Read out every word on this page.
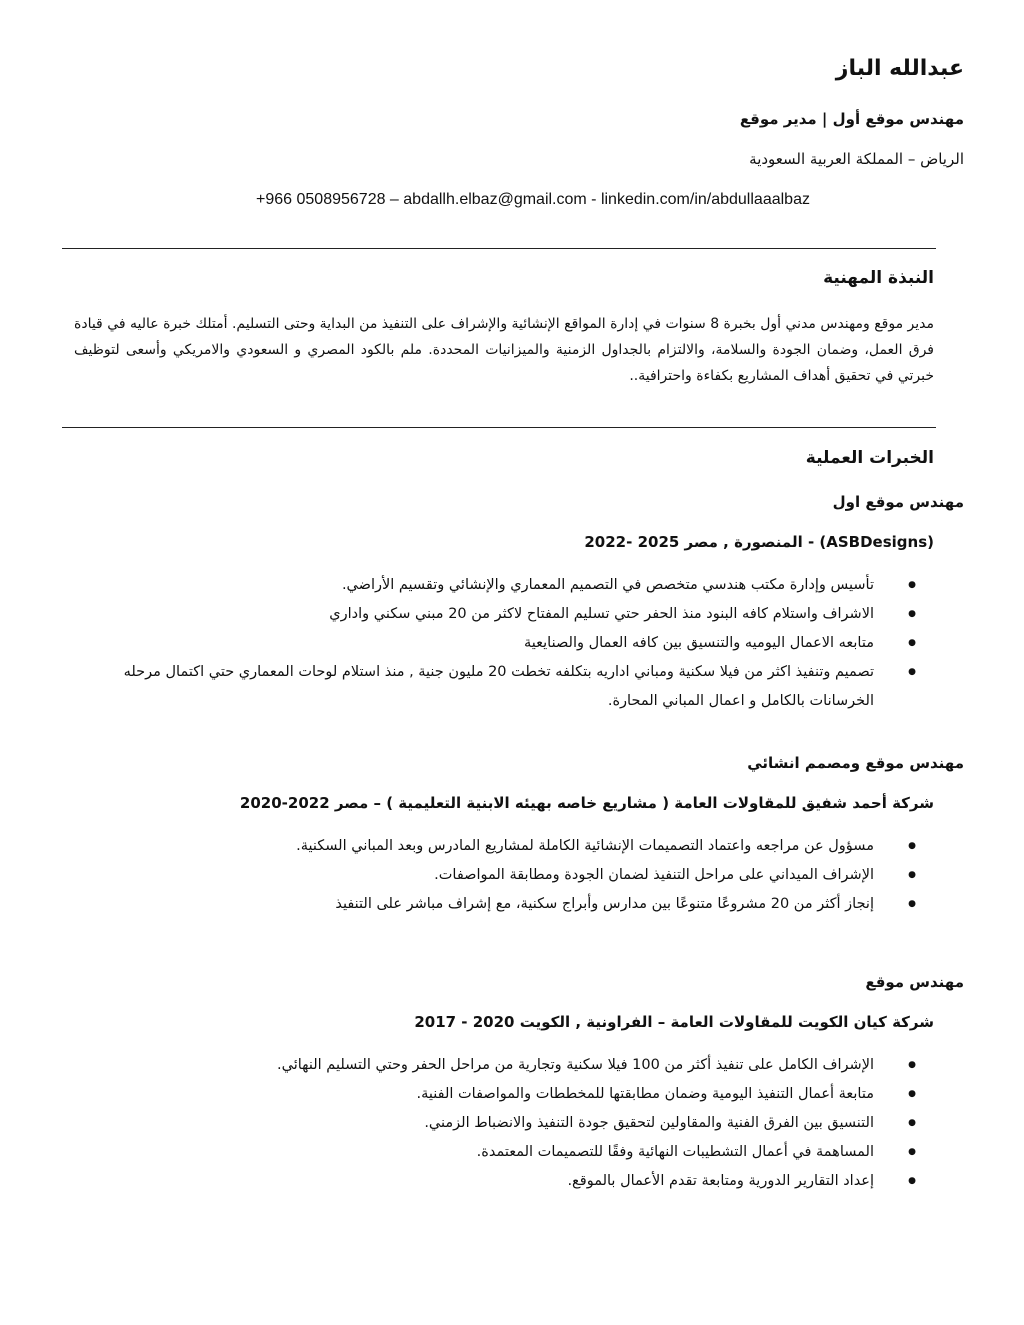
عبدالله الباز
مهندس موقع أول | مدير موقع
الرياض – المملكة العربية السعودية
+966 0508956728 – abdallh.elbaz@gmail.com - linkedin.com/in/abdullaaalbaz
النبذة المهنية
مدير موقع ومهندس مدني أول بخبرة 8 سنوات في إدارة المواقع الإنشائية والإشراف على التنفيذ من البداية وحتى التسليم. أمتلك خبرة عاليه في قيادة فرق العمل، وضمان الجودة والسلامة، والالتزام بالجداول الزمنية والميزانيات المحددة. ملم بالكود المصري و السعودي والامريكي وأسعى لتوظيف خبرتي في تحقيق أهداف المشاريع بكفاءة واحترافية..
الخبرات العملية
مهندس موقع اول
(ASBDesigns) - المنصورة , مصر 2025 -2022
● تأسيس وإدارة مكتب هندسي متخصص في التصميم المعماري والإنشائي وتقسيم الأراضي.
● الاشراف واستلام كافه البنود منذ الحفر حتي تسليم المفتاح لاكثر من 20 مبني سكني واداري
● متابعه الاعمال اليوميه والتنسيق بين كافه العمال والصنايعية
● تصميم وتنفيذ اكثر من فيلا سكنية ومباني اداريه بتكلفه تخطت 20 مليون جنية , منذ استلام لوحات المعماري حتي اكتمال مرحله الخرسانات بالكامل و اعمال المباني المحارة.
مهندس موقع ومصمم انشائي
شركة أحمد شفيق للمقاولات العامة ( مشاريع خاصه بهيئه الابنية التعليمية ) – مصر 2022-2020
● مسؤول عن مراجعه واعتماد التصميمات الإنشائية الكاملة لمشاريع المادرس وبعد المباني السكنية.
● الإشراف الميداني على مراحل التنفيذ لضمان الجودة ومطابقة المواصفات.
● إنجاز أكثر من 20 مشروعًا متنوعًا بين مدارس وأبراج سكنية، مع إشراف مباشر على التنفيذ
مهندس موقع
شركة كيان الكويت للمقاولات العامة – الفراونية , الكويت 2020 - 2017
● الإشراف الكامل على تنفيذ أكثر من 100 فيلا سكنية وتجارية من مراحل الحفر وحتي التسليم النهائي.
● متابعة أعمال التنفيذ اليومية وضمان مطابقتها للمخططات والمواصفات الفنية.
● التنسيق بين الفرق الفنية والمقاولين لتحقيق جودة التنفيذ والانضباط الزمني.
● المساهمة في أعمال التشطيبات النهائية وفقًا للتصميمات المعتمدة.
● إعداد التقارير الدورية ومتابعة تقدم الأعمال بالموقع.
